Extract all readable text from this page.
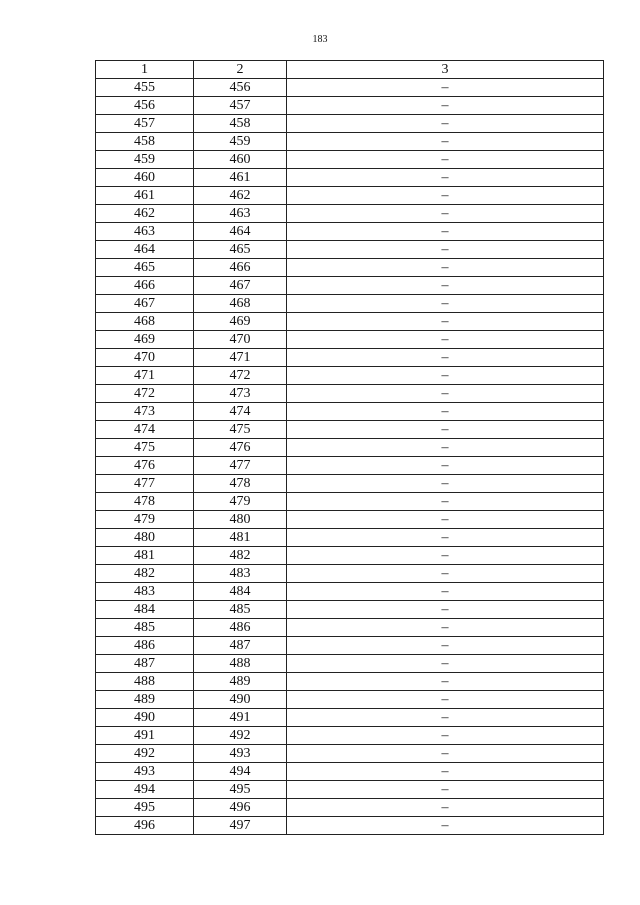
183
1	2	3
455	456	–
456	457	–
457	458	–
458	459	–
459	460	–
460	461	–
461	462	–
462	463	–
463	464	–
464	465	–
465	466	–
466	467	–
467	468	–
468	469	–
469	470	–
470	471	–
471	472	–
472	473	–
473	474	–
474	475	–
475	476	–
476	477	–
477	478	–
478	479	–
479	480	–
480	481	–
481	482	–
482	483	–
483	484	–
484	485	–
485	486	–
486	487	–
487	488	–
488	489	–
489	490	–
490	491	–
491	492	–
492	493	–
493	494	–
494	495	–
495	496	–
496	497	–
